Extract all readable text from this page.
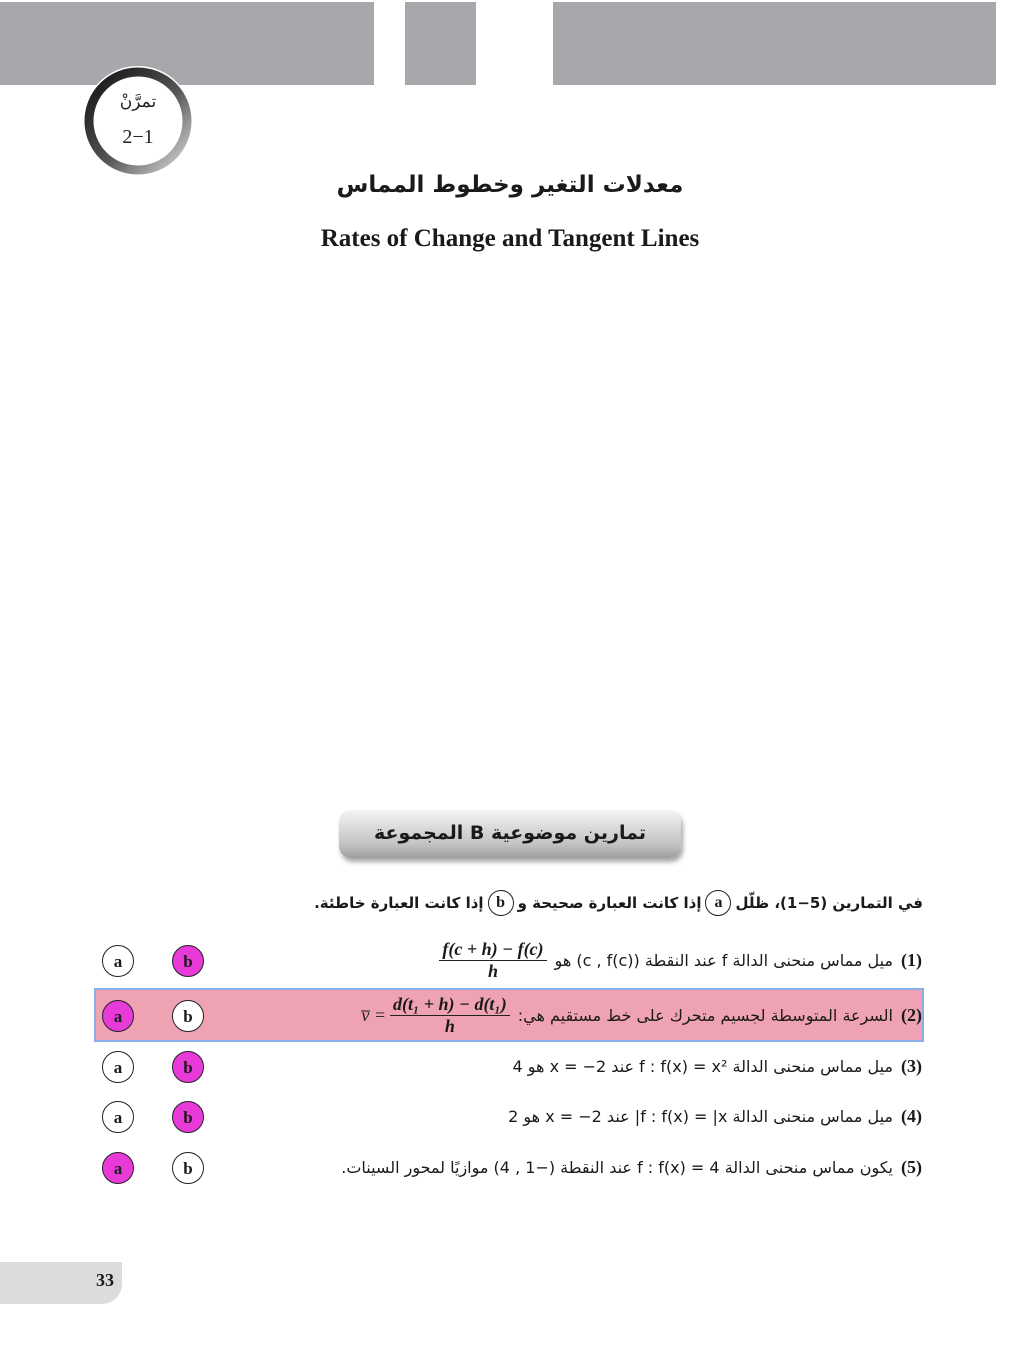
تمرَّنْ
2−1
معدلات التغير وخطوط المماس
Rates of Change and Tangent Lines
المجموعة B تمارين موضوعية
في التمارين (5−1)، ظلّل
a
إذا كانت العبارة صحيحة و
b
إذا كانت العبارة خاطئة.
a	b	(1)
ميل مماس منحنى الدالة f عند النقطة (c , f(c)) هو
$\frac{f(c + h) - f(c)}{h}$
a	b	(2)
السرعة المتوسطة لجسيم متحرك على خط مستقيم هي:
v̅ = $\frac{\text{d(t₁ + h) − d(t₁)}}{h}$
a	b	(3)
ميل مماس منحنى الدالة f : f(x) = x² عند x = −2 هو 4
a	b	(4)
ميل مماس منحنى الدالة f : f(x) = |x| عند x = −2 هو 2
a	b	(5)
يكون مماس منحنى الدالة f : f(x) = 4 عند النقطة (−1 , 4) موازيًا لمحور السينات.
33
